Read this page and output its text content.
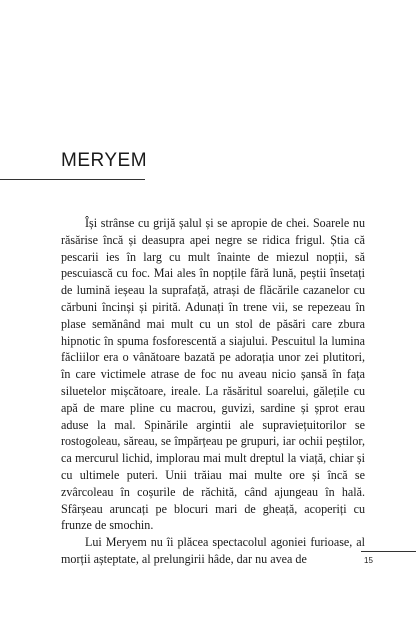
MERYEM

Își strânse cu grijă șalul și se apropie de chei. Soarele nu răsărise încă și deasupra apei negre se ridica frigul. Știa că pescarii ies în larg cu mult înainte de miezul nopții, să pescuiască cu foc. Mai ales în nopțile fără lună, peștii însetați de lumină ieșeau la suprafață, atrași de flăcările cazanelor cu cărbuni încinși și pirită. Adunați în trene vii, se repezeau în plase semănând mai mult cu un stol de păsări care zbura hipnotic în spuma fosforescentă a siajului. Pescuitul la lumina făcliilor era o vânătoare bazată pe adorația unor zei plutitori, în care victimele atrase de foc nu aveau nicio șansă în fața siluetelor mișcătoare, ireale. La răsăritul soarelui, gălețile cu apă de mare pline cu macrou, guvizi, sardine și șprot erau aduse la mal. Spinările argintii ale supraviețuitorilor se rostogoleau, săreau, se împărțeau pe grupuri, iar ochii peștilor, ca mercurul lichid, implorau mai mult dreptul la viață, chiar și cu ultimele puteri. Unii trăiau mai multe ore și încă se zvârcoleau în coșurile de răchită, când ajungeau în hală. Sfârșeau aruncați pe blocuri mari de gheață, acoperiți cu frunze de smochin.

Lui Meryem nu îi plăcea spectacolul agoniei furioase, al morții așteptate, al prelungirii hâde, dar nu avea de	15
